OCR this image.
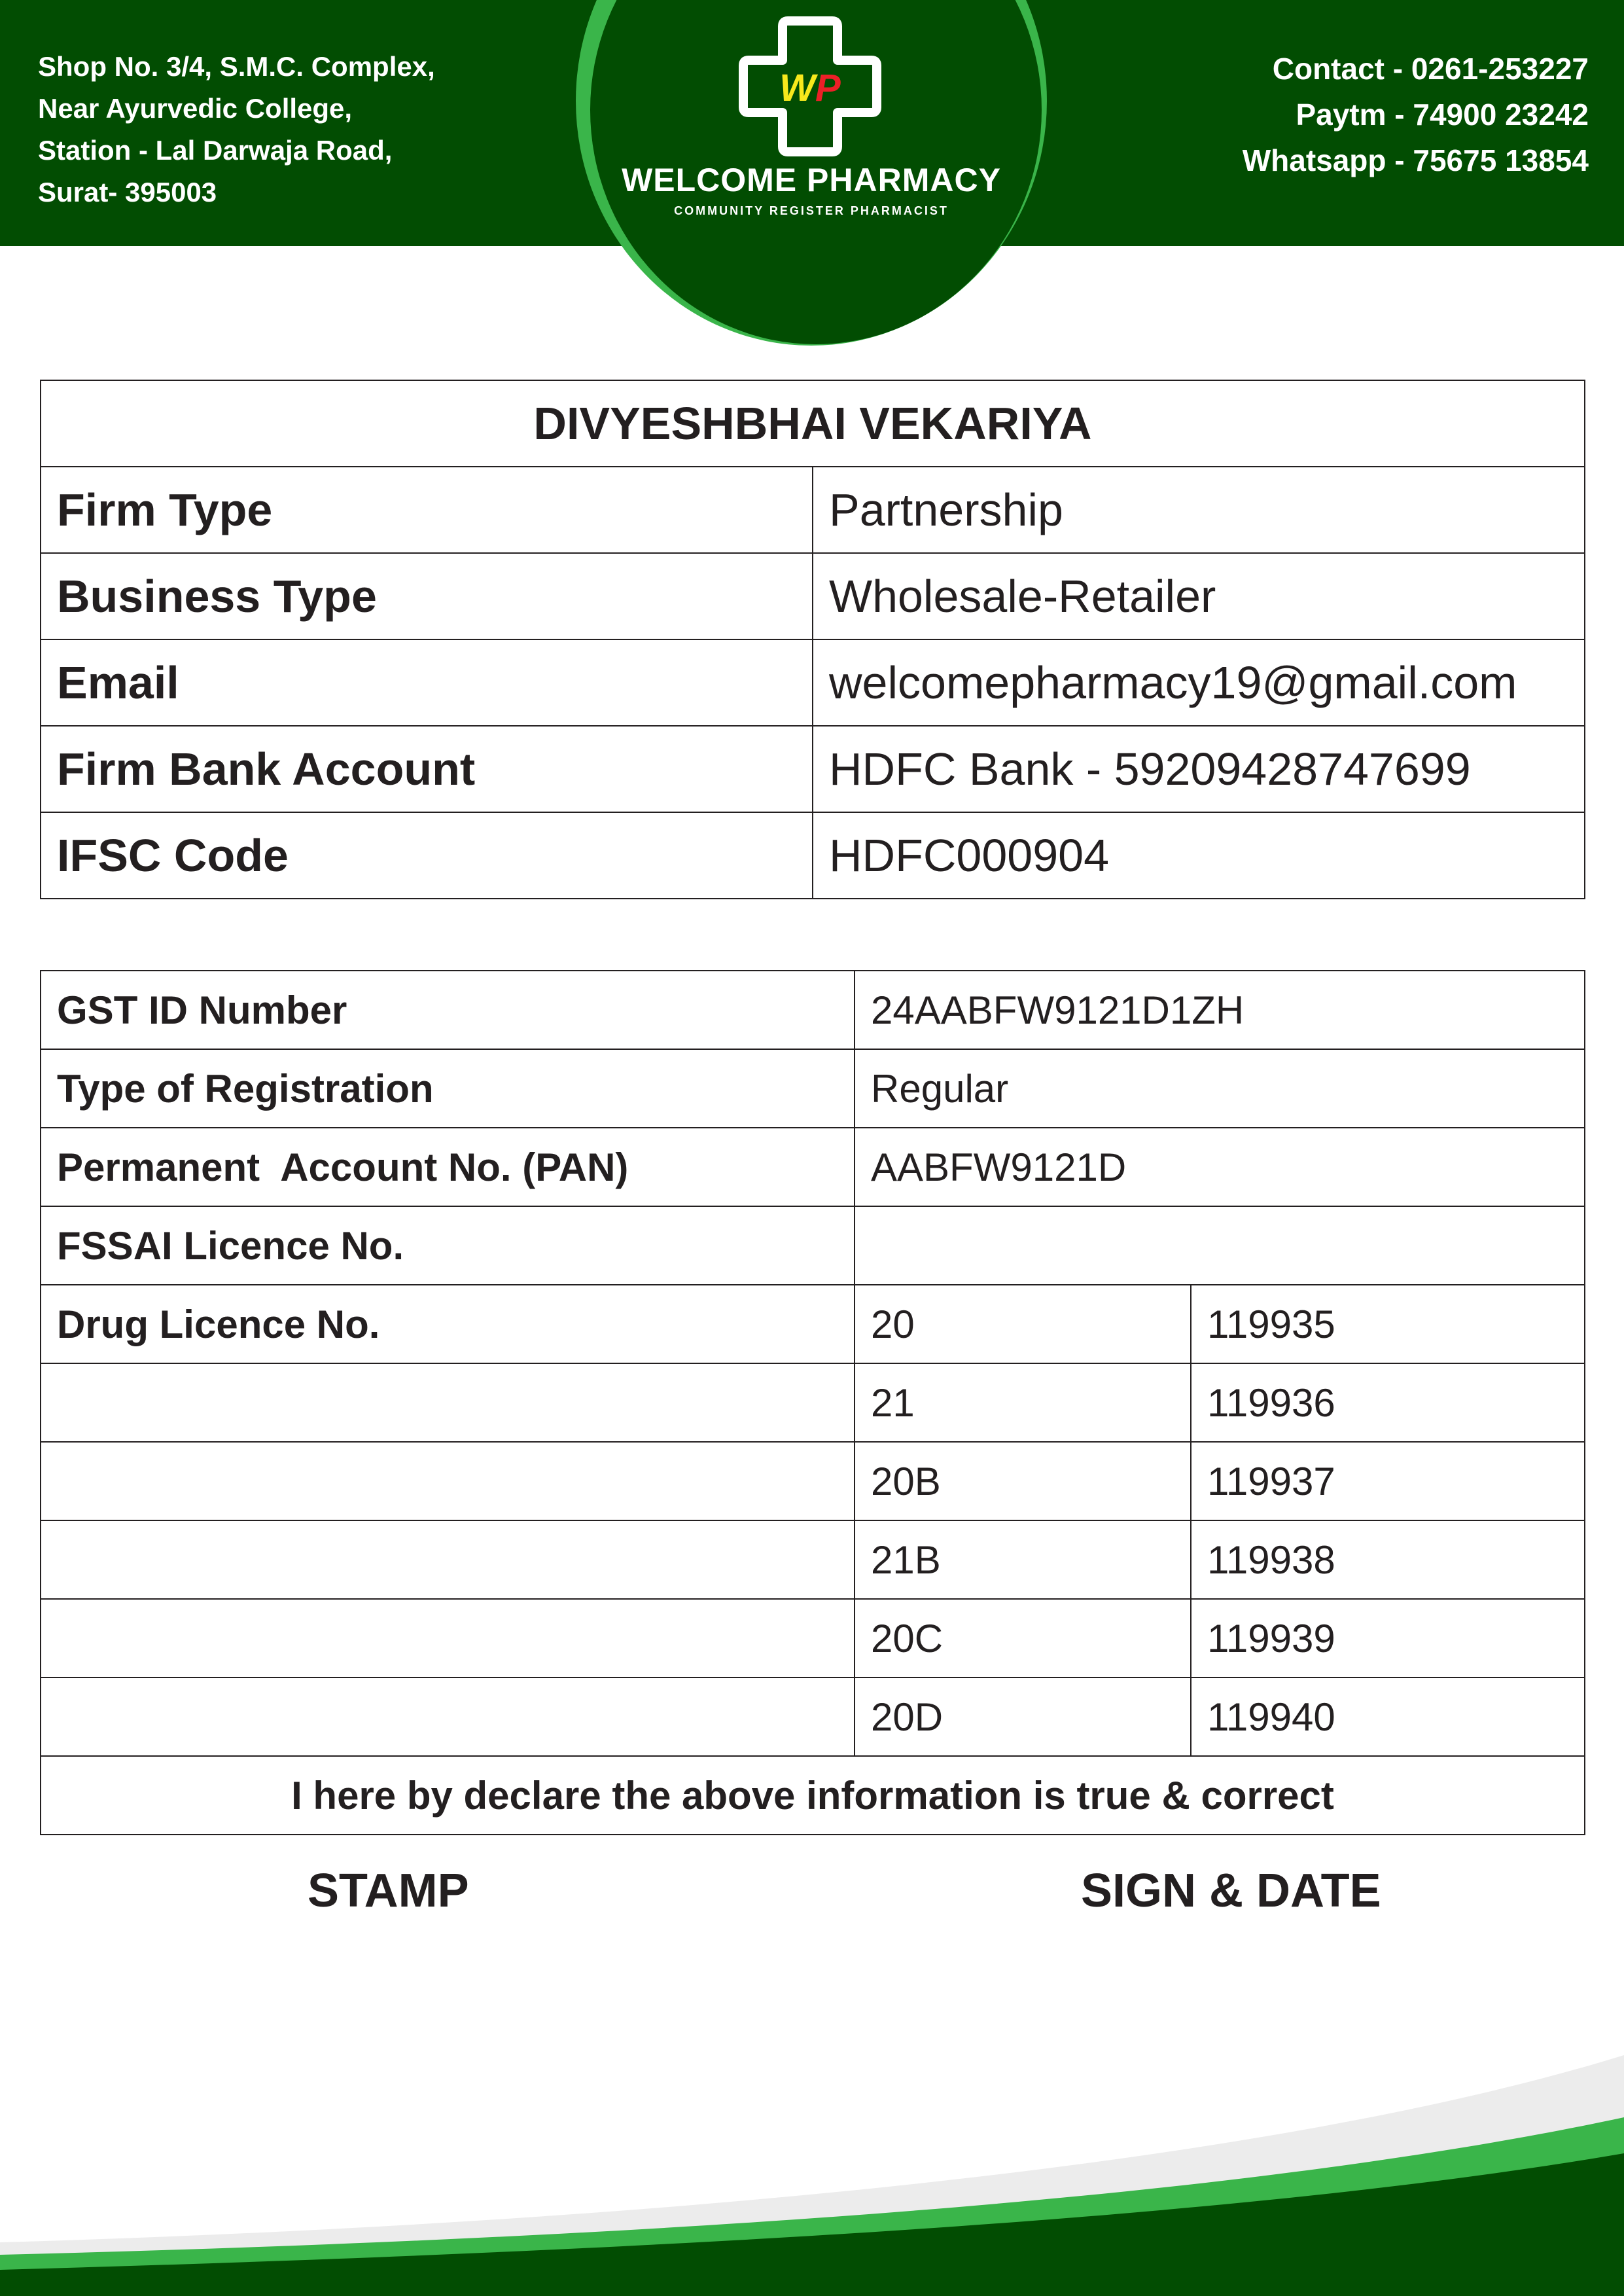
Shop No. 3/4, S.M.C. Complex,
Near Ayurvedic College,
Station - Lal Darwaja Road,
Surat- 395003
Contact - 0261-253227
Paytm - 74900 23242
Whatsapp - 75675 13854
WP
WELCOME PHARMACY
COMMUNITY REGISTER PHARMACIST
DIVYESHBHAI VEKARIYA	
Firm Type	Partnership
Business Type	Wholesale-Retailer
Email	welcomepharmacy19@gmail.com
Firm Bank Account	HDFC Bank - 59209428747699
IFSC Code	HDFC000904
GST ID Number	24AABFW9121D1ZH	
Type of Registration	Regular	
Permanent  Account No. (PAN)	AABFW9121D	
FSSAI Licence No.		
Drug Licence No.	20	119935
	21	119936
	20B	119937
	21B	119938
	20C	119939
	20D	119940
I here by declare the above information is true & correct		
STAMP	SIGN & DATE
